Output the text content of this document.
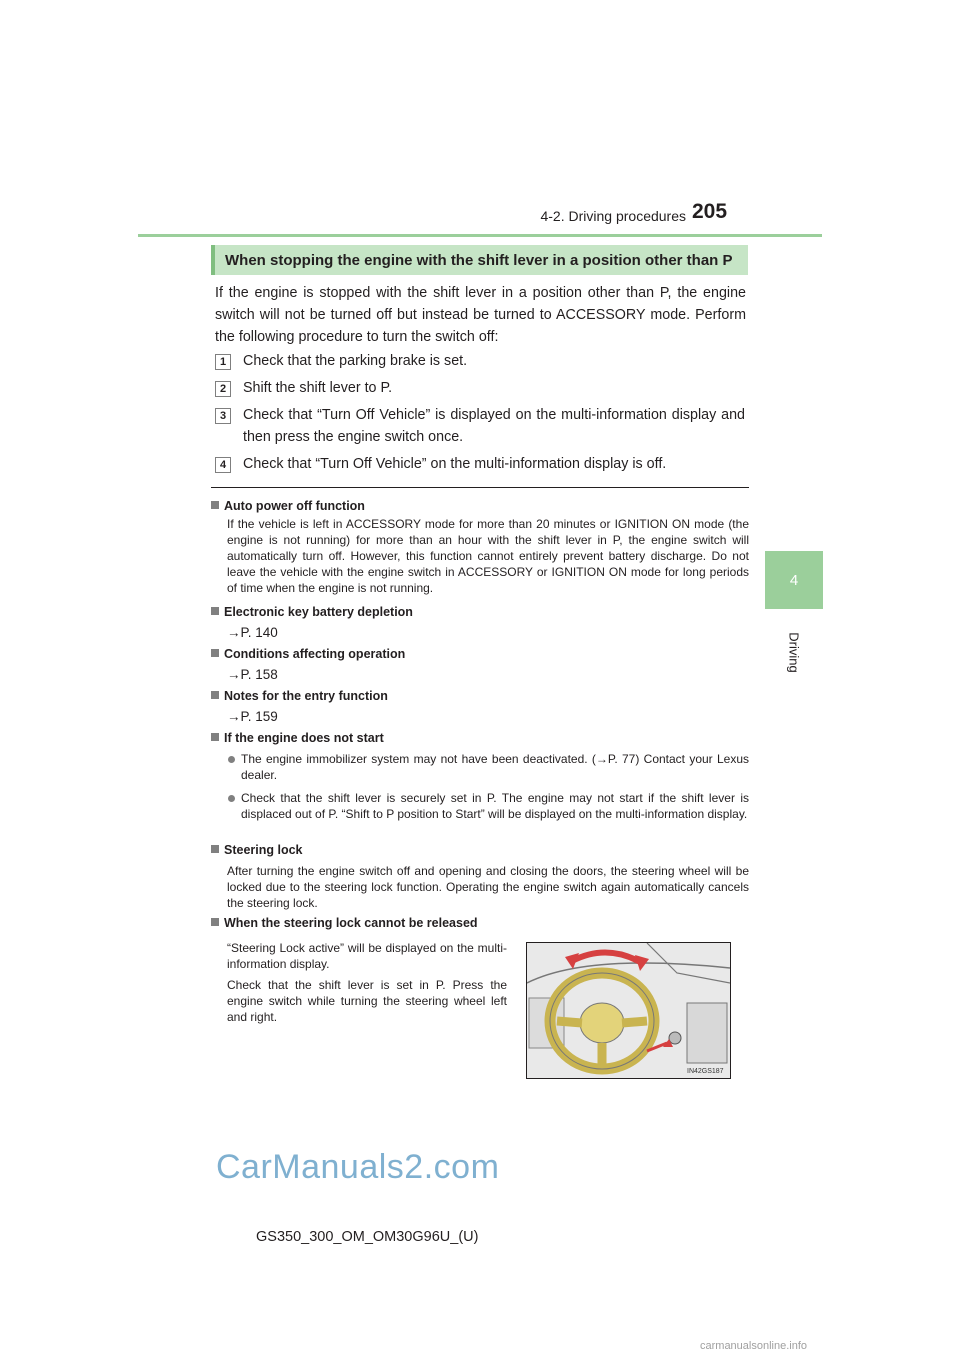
4-2. Driving procedures 205
4
Driving
When stopping the engine with the shift lever in a position other than P
If the engine is stopped with the shift lever in a position other than P, the engine switch will not be turned off but instead be turned to ACCESSORY mode. Perform the following procedure to turn the switch off:
1	Check that the parking brake is set.
2	Shift the shift lever to P.
3	Check that “Turn Off Vehicle” is displayed on the multi-information display and then press the engine switch once.
4	Check that “Turn Off Vehicle” on the multi-information display is off.
Auto power off function
If the vehicle is left in ACCESSORY mode for more than 20 minutes or IGNITION ON mode (the engine is not running) for more than an hour with the shift lever in P, the engine switch will automatically turn off. However, this function cannot entirely prevent battery discharge. Do not leave the vehicle with the engine switch in ACCESSORY or IGNITION ON mode for long periods of time when the engine is not running.
Electronic key battery depletion
→P. 140
Conditions affecting operation
→P. 158
Notes for the entry function
→P. 159
If the engine does not start
The engine immobilizer system may not have been deactivated. (→P. 77) Contact your Lexus dealer.
Check that the shift lever is securely set in P. The engine may not start if the shift lever is displaced out of P. “Shift to P position to Start” will be displayed on the multi-information display.
Steering lock
After turning the engine switch off and opening and closing the doors, the steering wheel will be locked due to the steering lock function. Operating the engine switch again automatically cancels the steering lock.
When the steering lock cannot be released
“Steering Lock active” will be displayed on the multi-information display.
Check that the shift lever is set in P. Press the engine switch while turning the steering wheel left and right.
IN42GS187
CarManuals2.com
GS350_300_OM_OM30G96U_(U)
carmanualsonline.info
